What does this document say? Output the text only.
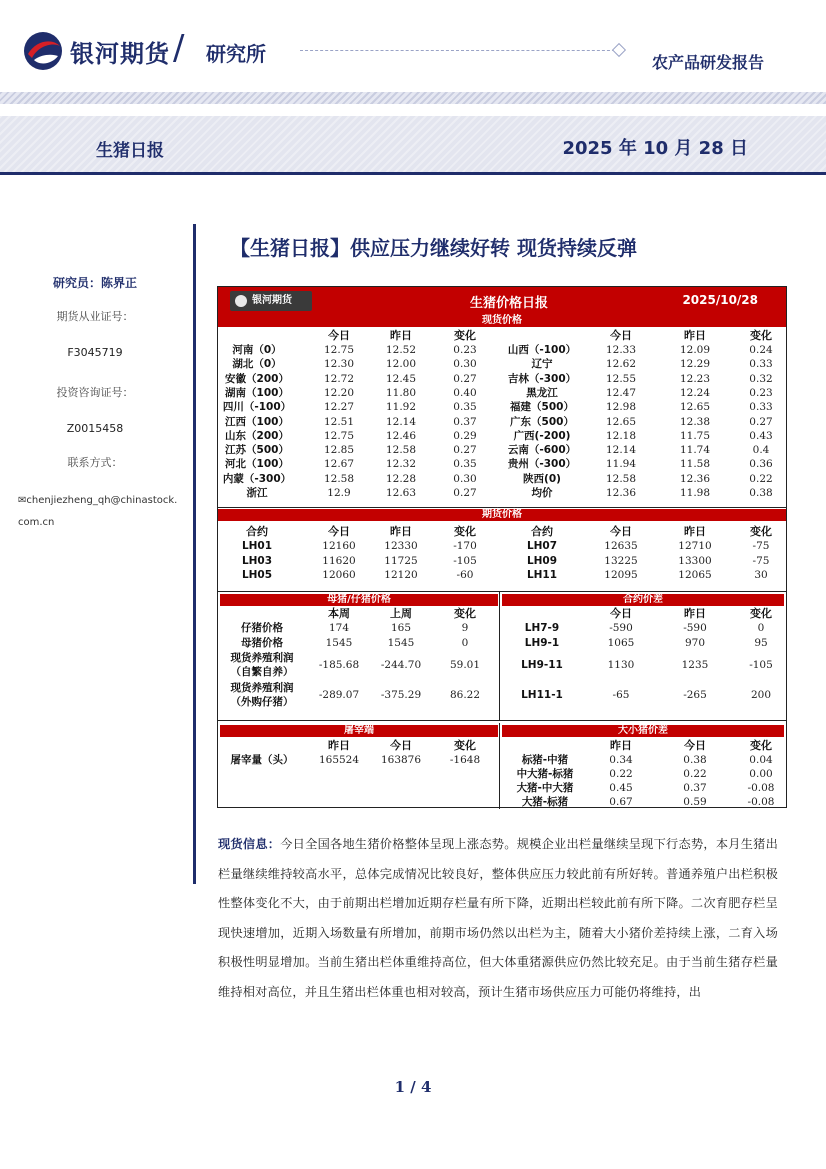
银河期货 / 研究所	农产品研发报告
生猪日报	2025 年 10 月 28 日
研究员：陈界正
期货从业证号：
F3045719
投资咨询证号：
Z0015458
联系方式：
✉chenjiezheng_qh@chinastock.com.cn
【生猪日报】供应压力继续好转 现货持续反弹
银河期货	生猪价格日报	2025/10/28
现货价格
今日	今日
昨日	昨日
变化	变化
河南（0）	12.75	12.52	0.23
湖北（0）	12.30	12.00	0.30
安徽（200）	12.72	12.45	0.27
湖南（100）	12.20	11.80	0.40
四川（-100）	12.27	11.92	0.35
江西（100）	12.51	12.14	0.37
山东（200）	12.75	12.46	0.29
江苏（500）	12.85	12.58	0.27
河北（100）	12.67	12.32	0.35
内蒙（-300）	12.58	12.28	0.30
浙江	12.9	12.63	0.27
山西（-100）	12.33	12.09	0.24
辽宁	12.62	12.29	0.33
吉林（-300）	12.55	12.23	0.32
黑龙江	12.47	12.24	0.23
福建（500）	12.98	12.65	0.33
广东（500）	12.65	12.38	0.27
广西(-200)	12.18	11.75	0.43
云南（-600）	12.14	11.74	0.4
贵州（-300）	11.94	11.58	0.36
陕西(0)	12.58	12.36	0.22
均价	12.36	11.98	0.38
期货价格
合约	合约
今日	今日
昨日	昨日
变化	变化
LH01	12160	12330	-170
LH03	11620	11725	-105
LH05	12060	12120	-60
LH07	12635	12710	-75
LH09	13225	13300	-75
LH11	12095	12065	30
母猪/仔猪价格	合约价差
本周	上周	变化	今日	昨日	变化
仔猪价格	174	165	9
母猪价格	1545	1545	0
现货养殖利润
（自繁自养）
-185.68	-244.70	59.01
现货养殖利润
（外购仔猪）
-289.07	-375.29	86.22
LH7-9	-590	-590	0
LH9-1	1065	970	95
LH9-11	1130	1235	-105
LH11-1	-65	-265	200
屠宰端	大小猪价差
昨日	今日	变化	昨日	今日	变化
屠宰量（头）	165524	163876	-1648	标猪-中猪	0.34	0.38	0.04
中大猪-标猪	0.22	0.22	0.00
大猪-中大猪	0.45	0.37	-0.08
大猪-标猪	0.67	0.59	-0.08
现货信息：今日全国各地生猪价格整体呈现上涨态势。规模企业出栏量继续呈现下行态势，本月生猪出栏量继续维持较高水平，总体完成情况比较良好，整体供应压力较此前有所好转。普通养殖户出栏积极性整体变化不大，由于前期出栏增加近期存栏量有所下降，近期出栏较此前有所下降。二次育肥存栏呈现快速增加，近期入场数量有所增加，前期市场仍然以出栏为主，随着大小猪价差持续上涨，二育入场积极性明显增加。当前生猪出栏体重维持高位，但大体重猪源供应仍然比较充足。由于当前生猪存栏量维持相对高位，并且生猪出栏体重也相对较高，预计生猪市场供应压力可能仍将维持，出
1 / 4
